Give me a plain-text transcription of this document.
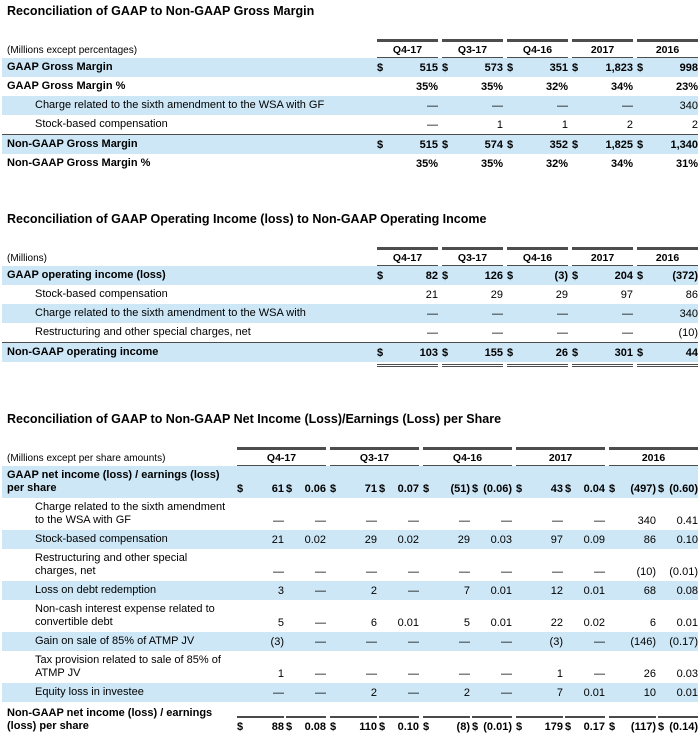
Reconciliation of GAAP to Non-GAAP Gross Margin
(Millions except percentages)	Q4-17	Q3-17	Q4-16	2017	2016
GAAP Gross Margin	$	515 $	573 $	351 $	1,823 $	998
GAAP Gross Margin %	35%	35%	32%	34%	23%
Charge related to the sixth amendment to the WSA with GF	—	—	—	—	340
Stock-based compensation	—	1	1	2	2
Non-GAAP Gross Margin	$	515 $	574 $	352 $	1,825 $	1,340
Non-GAAP Gross Margin %	35%	35%	32%	34%	31%
Reconciliation of GAAP Operating Income (loss) to Non-GAAP Operating Income
(Millions)	Q4-17	Q3-17	Q4-16	2017	2016
GAAP operating income (loss)	$	82 $	126 $	(3) $	204 $	(372)
Stock-based compensation	21	29	29	97	86
Charge related to the sixth amendment to the WSA with	—	—	—	—	340
Restructuring and other special charges, net	—	—	—	—	(10)
Non-GAAP operating income	$	103 $	155 $	26 $	301 $	44
Reconciliation of GAAP to Non-GAAP Net Income (Loss)/Earnings (Loss) per Share
(Millions except per share amounts)	Q4-17	Q3-17	Q4-16	2017	2016
GAAP net income (loss) / earnings (loss) per share	$	61 $	0.06 $	71 $	0.07 $	(51) $ (0.06) $	43 $	0.04 $	(497) $ (0.60)
Charge related to the sixth amendment to the WSA with GF	—	—	—	—	—	—	—	—	340	0.41
Stock-based compensation	21	0.02	29	0.02	29	0.03	97	0.09	86	0.10
Restructuring and other special charges, net	—	—	—	—	—	—	—	—	(10) (0.01)
Loss on debt redemption	3	—	2	—	7	0.01	12	0.01	68	0.08
Non-cash interest expense related to convertible debt	5	—	6	0.01	5	0.01	22	0.02	6	0.01
Gain on sale of 85% of ATMP JV	(3)	—	—	—	—	—	(3)	—	(146) (0.17)
Tax provision related to sale of 85% of ATMP JV	1	—	—	—	—	—	1	—	26	0.03
Equity loss in investee	—	—	2	—	2	—	7	0.01	10	0.01
Non-GAAP net income (loss) / earnings (loss) per share	$	88 $	0.08 $	110 $	0.10 $	(8) $ (0.01) $	179 $	0.17 $	(117) $ (0.14)
